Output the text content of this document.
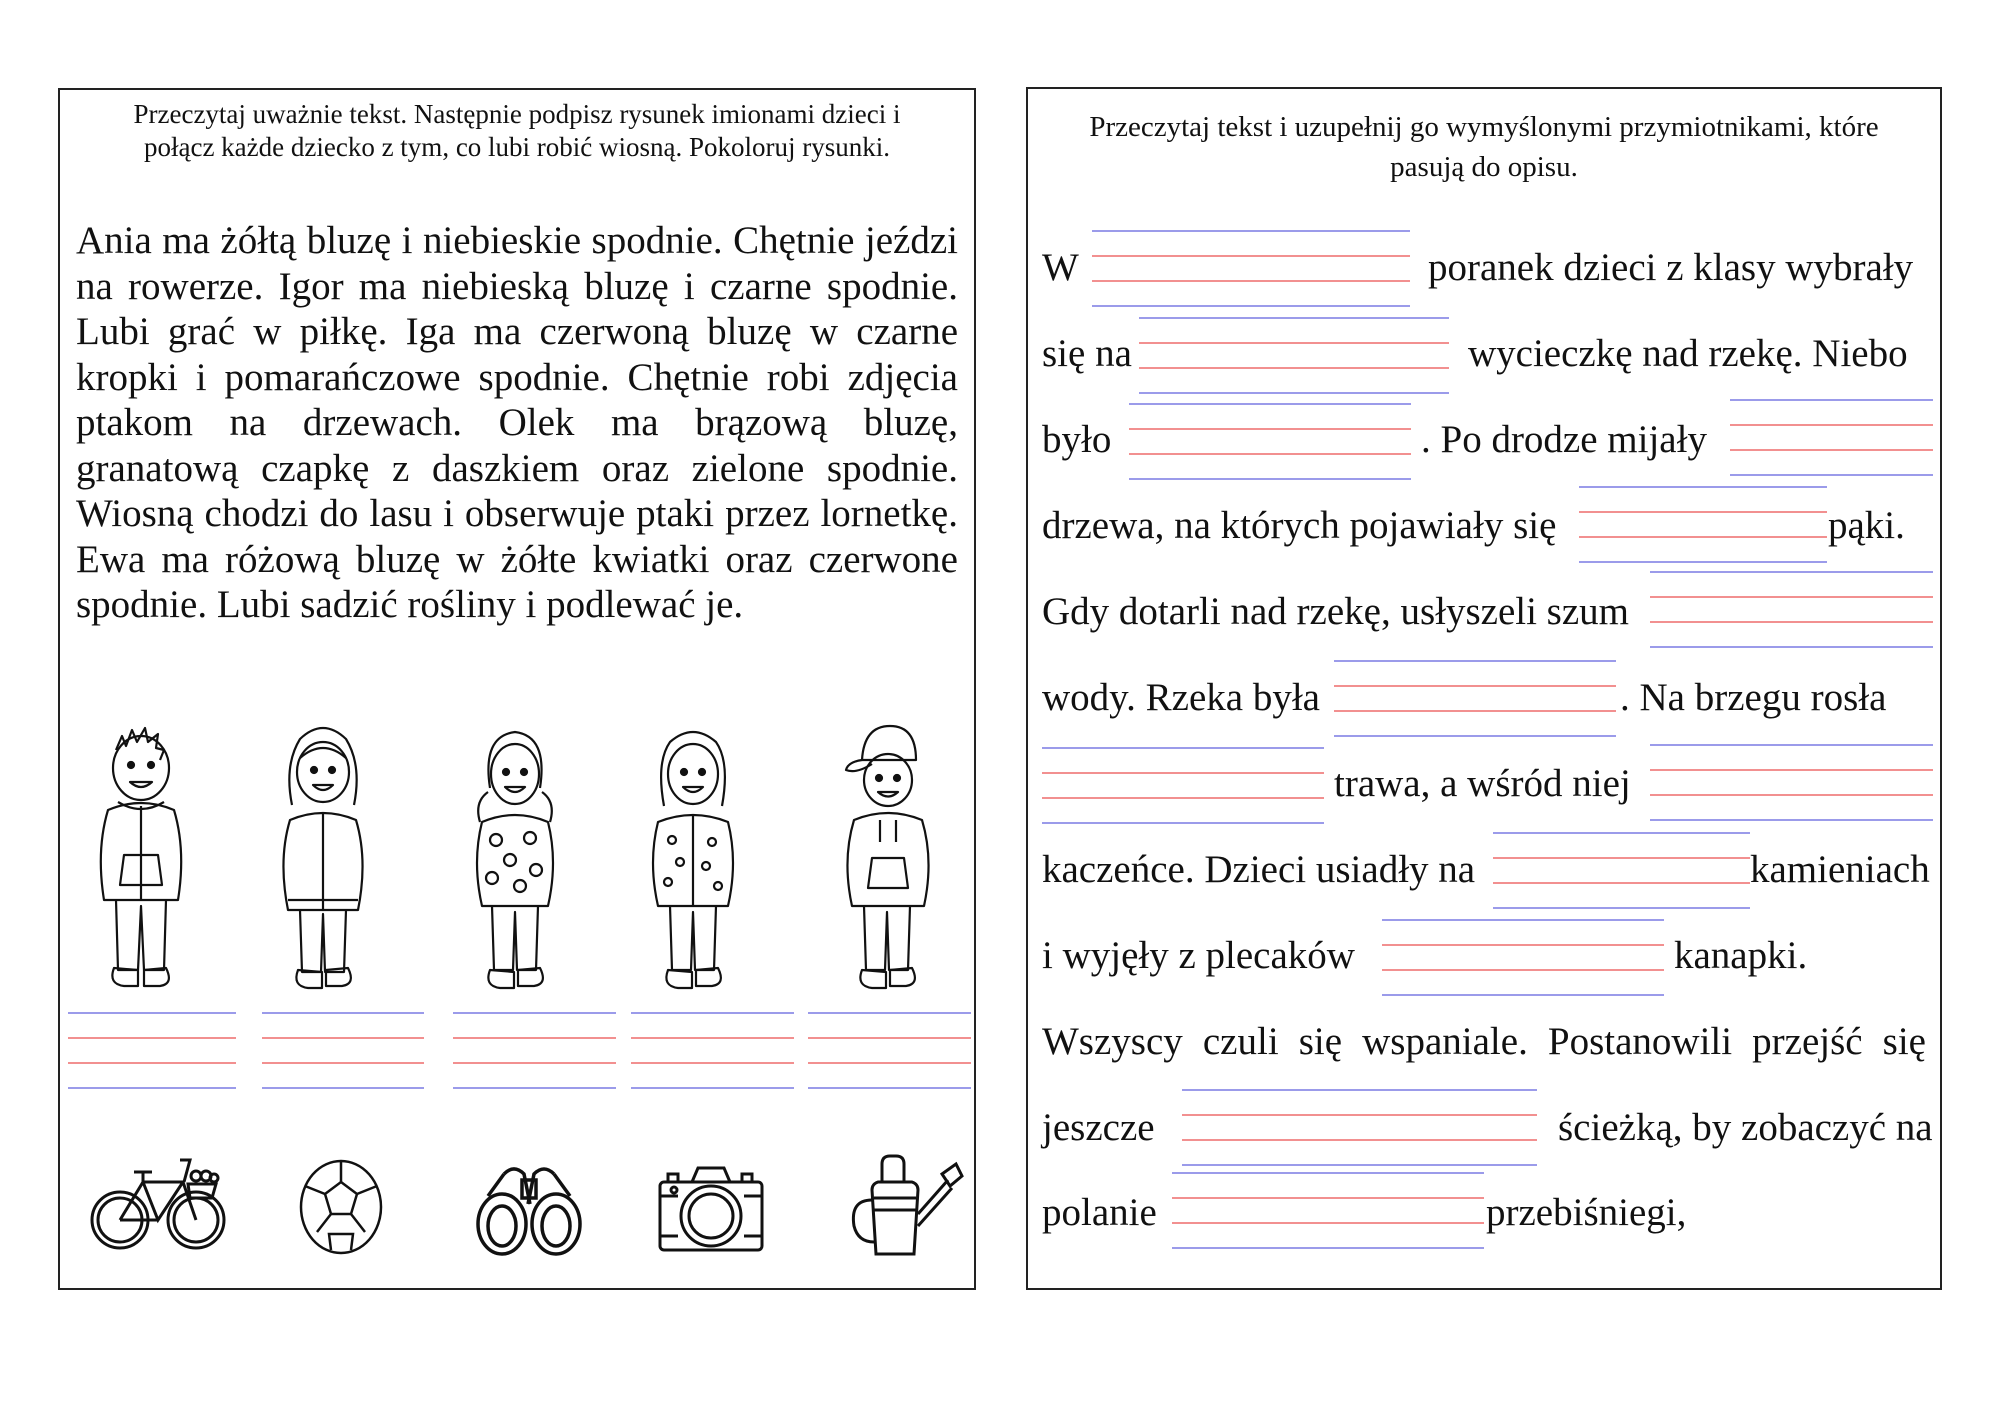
Przeczytaj uważnie tekst. Następnie podpisz rysunek imionami dzieci i połącz każde dziecko z tym, co lubi robić wiosną. Pokoloruj rysunki.
Ania ma żółtą bluzę i niebieskie spodnie. Chętnie jeździ na rowerze. Igor ma niebieską bluzę i czarne spodnie. Lubi grać w piłkę. Iga ma czerwoną bluzę w czarne kropki i pomarańczowe spodnie. Chętnie robi zdjęcia ptakom na drzewach. Olek ma brązową bluzę, granatową czapkę z daszkiem oraz zielone spodnie. Wiosną chodzi do lasu i obserwuje ptaki przez lornetkę. Ewa ma różową bluzę w żółte kwiatki oraz czerwone spodnie. Lubi sadzić rośliny i podlewać je.
Przeczytaj tekst i uzupełnij go wymyślonymi przymiotnikami, które pasują do opisu.
W	poranek dzieci z klasy wybrały
się na	wycieczkę nad rzekę. Niebo
było	. Po drodze mijały
drzewa, na których pojawiały się	pąki.
Gdy dotarli nad rzekę, usłyszeli szum
wody. Rzeka była	. Na brzegu rosła
trawa, a wśród niej
kaczeńce. Dzieci usiadły na	kamieniach
i wyjęły z plecaków	kanapki.
Wszyscy czuli się wspaniale. Postanowili przejść się
jeszcze	ścieżką, by zobaczyć na
polanie	przebiśniegi,
